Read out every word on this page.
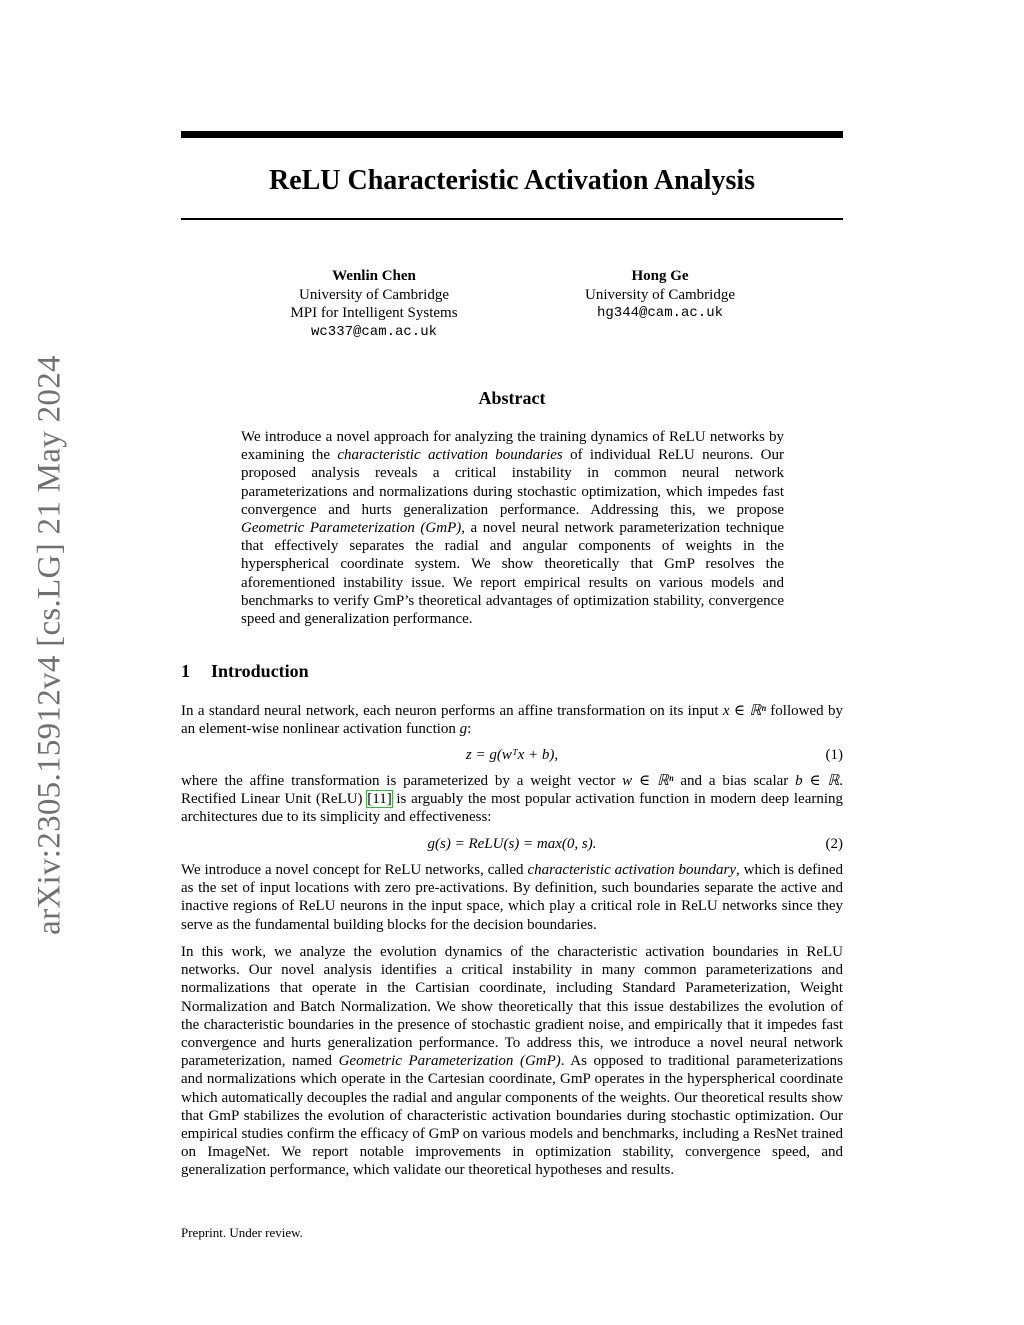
arXiv:2305.15912v4 [cs.LG] 21 May 2024
ReLU Characteristic Activation Analysis
Wenlin Chen
University of Cambridge
MPI for Intelligent Systems
wc337@cam.ac.uk
Hong Ge
University of Cambridge
hg344@cam.ac.uk
Abstract
We introduce a novel approach for analyzing the training dynamics of ReLU networks by examining the characteristic activation boundaries of individual ReLU neurons. Our proposed analysis reveals a critical instability in common neural network parameterizations and normalizations during stochastic optimization, which impedes fast convergence and hurts generalization performance. Addressing this, we propose Geometric Parameterization (GmP), a novel neural network parameterization technique that effectively separates the radial and angular components of weights in the hyperspherical coordinate system. We show theoretically that GmP resolves the aforementioned instability issue. We report empirical results on various models and benchmarks to verify GmP’s theoretical advantages of optimization stability, convergence speed and generalization performance.
1 Introduction
In a standard neural network, each neuron performs an affine transformation on its input x ∈ ℝⁿ followed by an element-wise nonlinear activation function g:
z = g(wᵀx + b),	(1)
where the affine transformation is parameterized by a weight vector w ∈ ℝⁿ and a bias scalar b ∈ ℝ. Rectified Linear Unit (ReLU) [11] is arguably the most popular activation function in modern deep learning architectures due to its simplicity and effectiveness:
g(s) = ReLU(s) = max(0, s).	(2)
We introduce a novel concept for ReLU networks, called characteristic activation boundary, which is defined as the set of input locations with zero pre-activations. By definition, such boundaries separate the active and inactive regions of ReLU neurons in the input space, which play a critical role in ReLU networks since they serve as the fundamental building blocks for the decision boundaries.
In this work, we analyze the evolution dynamics of the characteristic activation boundaries in ReLU networks. Our novel analysis identifies a critical instability in many common parameterizations and normalizations that operate in the Cartisian coordinate, including Standard Parameterization, Weight Normalization and Batch Normalization. We show theoretically that this issue destabilizes the evolution of the characteristic boundaries in the presence of stochastic gradient noise, and empirically that it impedes fast convergence and hurts generalization performance. To address this, we introduce a novel neural network parameterization, named Geometric Parameterization (GmP). As opposed to traditional parameterizations and normalizations which operate in the Cartesian coordinate, GmP operates in the hyperspherical coordinate which automatically decouples the radial and angular components of the weights. Our theoretical results show that GmP stabilizes the evolution of characteristic activation boundaries during stochastic optimization. Our empirical studies confirm the efficacy of GmP on various models and benchmarks, including a ResNet trained on ImageNet. We report notable improvements in optimization stability, convergence speed, and generalization performance, which validate our theoretical hypotheses and results.
Preprint. Under review.
